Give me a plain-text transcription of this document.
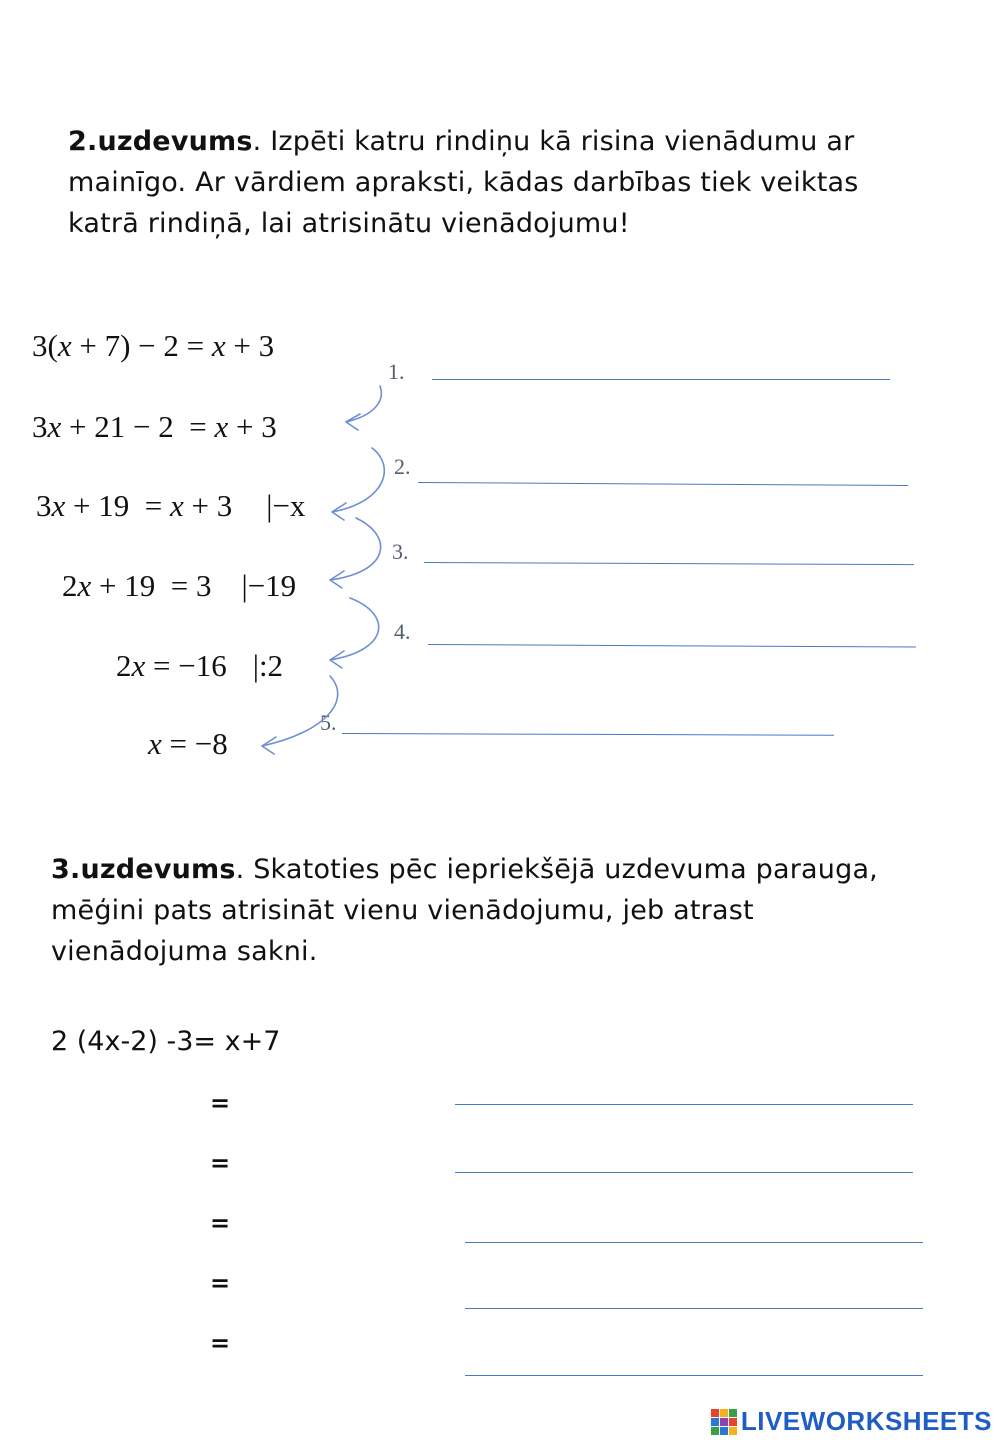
2.uzdevums. Izpēti katru rindiņu kā risina vienādumu ar mainīgo. Ar vārdiem apraksti, kādas darbības tiek veiktas katrā rindiņā, lai atrisinātu vienādojumu!

3(x + 7) − 2 = x + 3
3x + 21 − 2  = x + 3
3x + 19  = x + 3 |−x
2x + 19  = 3 |−19
2x = −16 |:2
x = −8
1.
2.
3.
4.
5.

3.uzdevums. Skatoties pēc iepriekšējā uzdevuma parauga, mēģini pats atrisināt vienu vienādojumu, jeb atrast vienādojuma sakni.

2 (4x-2) -3= x+7
=
=
=
=
=
LIVEWORKSHEETS
